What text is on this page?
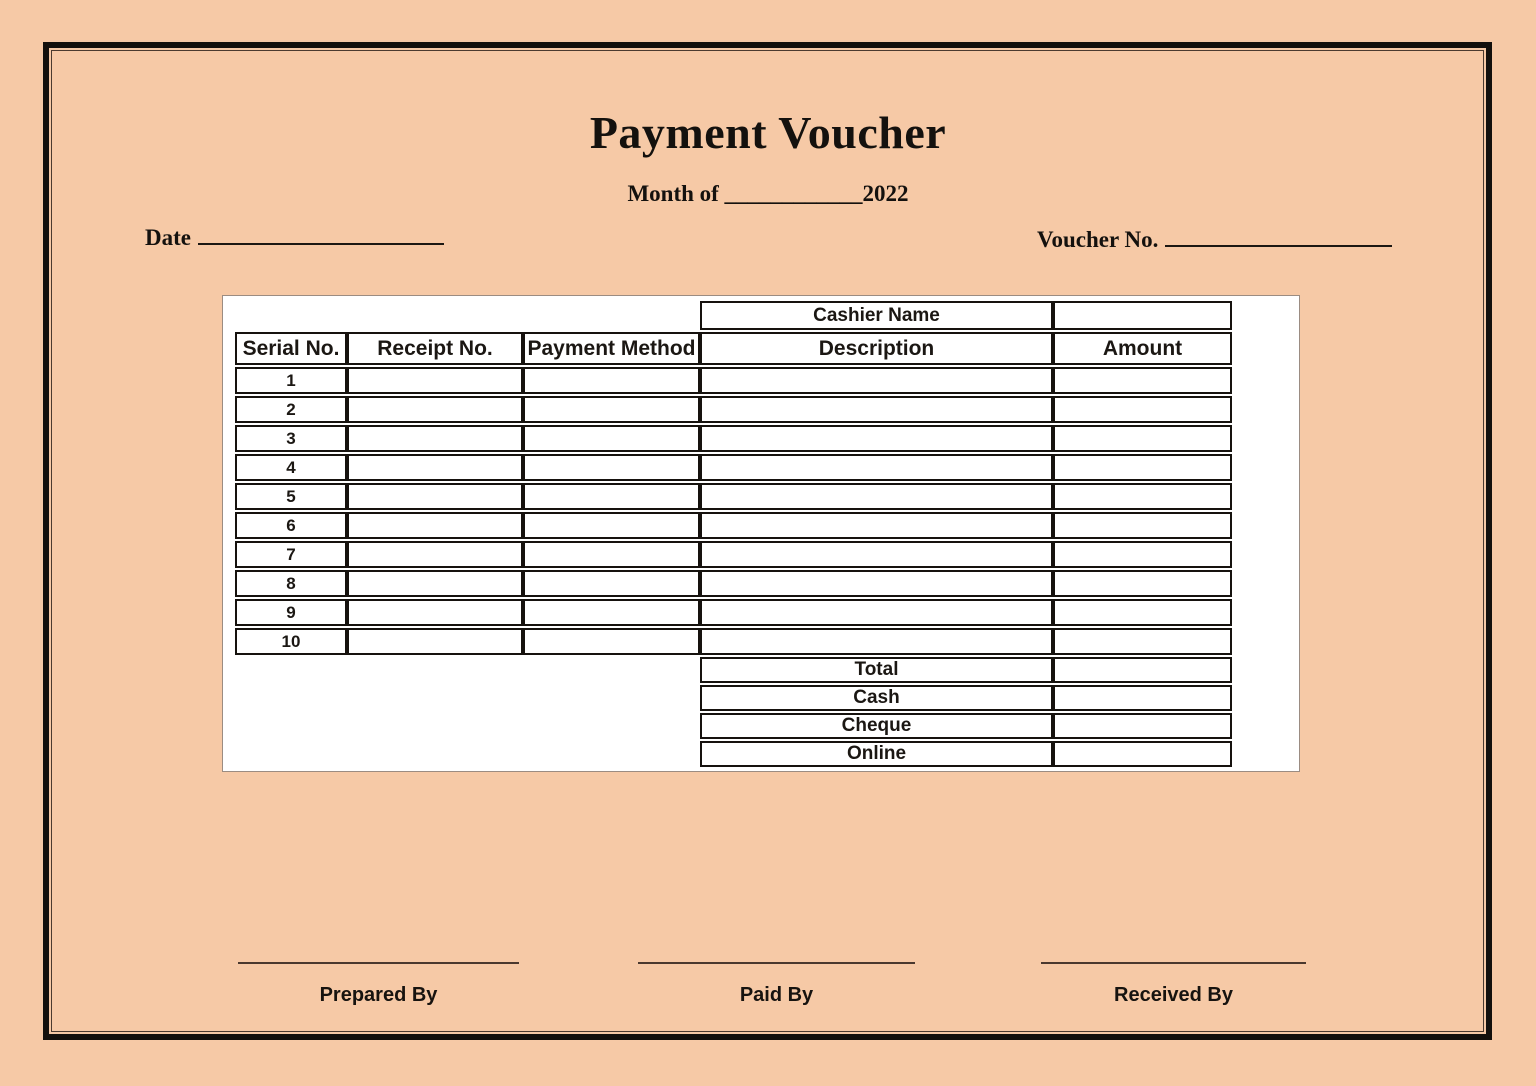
Payment Voucher
Month of ____________2022
Date	Voucher No.
			Cashier Name	
Serial No.	Receipt No.	Payment Method	Description	Amount
1				
2				
3				
4				
5				
6				
7				
8				
9				
10				
			Total	
			Cash	
			Cheque	
			Online	
Prepared By	Paid By	Received By
